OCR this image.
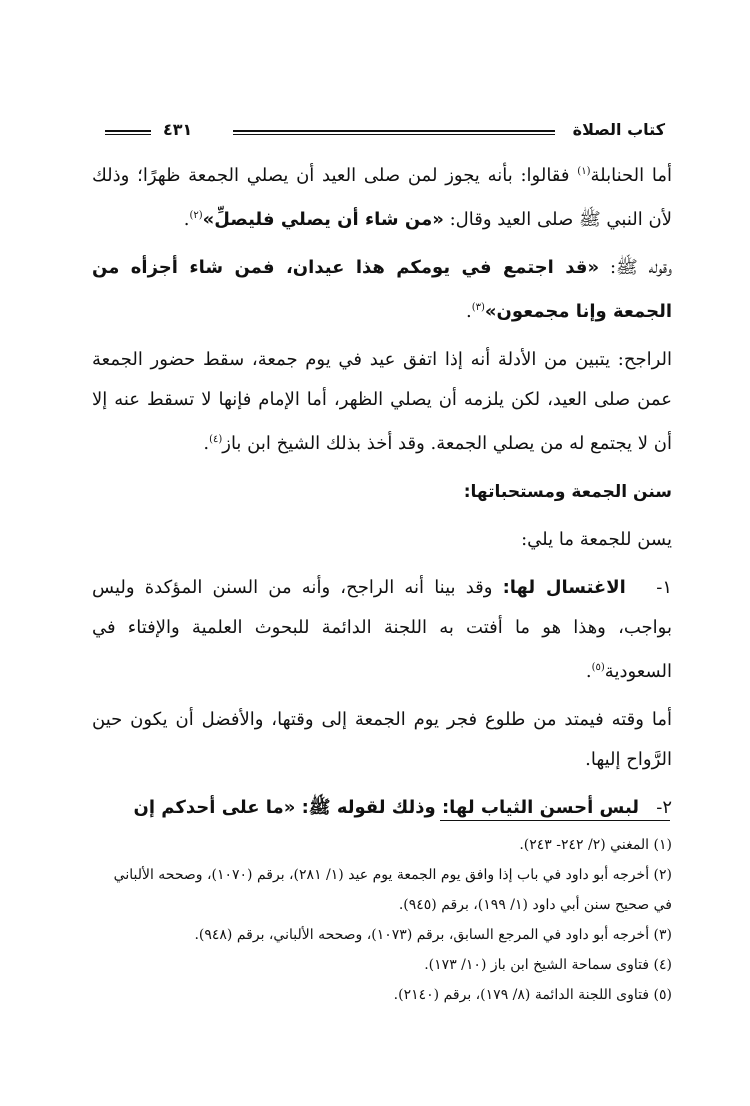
كتاب الصلاة
٤٣١

أما الحنابلة$^{(١)}$ فقالوا: بأنه يجوز لمن صلى العيد أن يصلي الجمعة ظهرًا؛ وذلك لأن النبي ﷺ صلى العيد وقال: «من شاء أن يصلي فليصلِّ»$^{(٢)}$.

وقوله ﷺ: «قد اجتمع في يومكم هذا عيدان، فمن شاء أجزأه من الجمعة وإنا مجمعون»$^{(٣)}$.

الراجح: يتبين من الأدلة أنه إذا اتفق عيد في يوم جمعة، سقط حضور الجمعة عمن صلى العيد، لكن يلزمه أن يصلي الظهر، أما الإمام فإنها لا تسقط عنه إلا أن لا يجتمع له من يصلي الجمعة. وقد أخذ بذلك الشيخ ابن باز$^{(٤)}$.

سنن الجمعة ومستحباتها:

يسن للجمعة ما يلي:

١-   الاغتسال لها: وقد بينا أنه الراجح، وأنه من السنن المؤكدة وليس بواجب، وهذا هو ما أفتت به اللجنة الدائمة للبحوث العلمية والإفتاء في السعودية$^{(٥)}$.

أما وقته فيمتد من طلوع فجر يوم الجمعة إلى وقتها، والأفضل أن يكون حين الرَّواح إليها.

٢-   لبس أحسن الثياب لها: وذلك لقوله ﷺ: «ما على أحدكم إن

(١) المغني (٢/ ٢٤٢- ٢٤٣).
(٢) أخرجه أبو داود في باب إذا وافق يوم الجمعة يوم عيد (١/ ٢٨١)، برقم (١٠٧٠)، وصححه الألباني في صحيح سنن أبي داود (١/ ١٩٩)، برقم (٩٤٥).
(٣) أخرجه أبو داود في المرجع السابق، برقم (١٠٧٣)، وصححه الألباني، برقم (٩٤٨).
(٤) فتاوى سماحة الشيخ ابن باز (١٠/ ١٧٣).
(٥) فتاوى اللجنة الدائمة (٨/ ١٧٩)، برقم (٢١٤٠).
